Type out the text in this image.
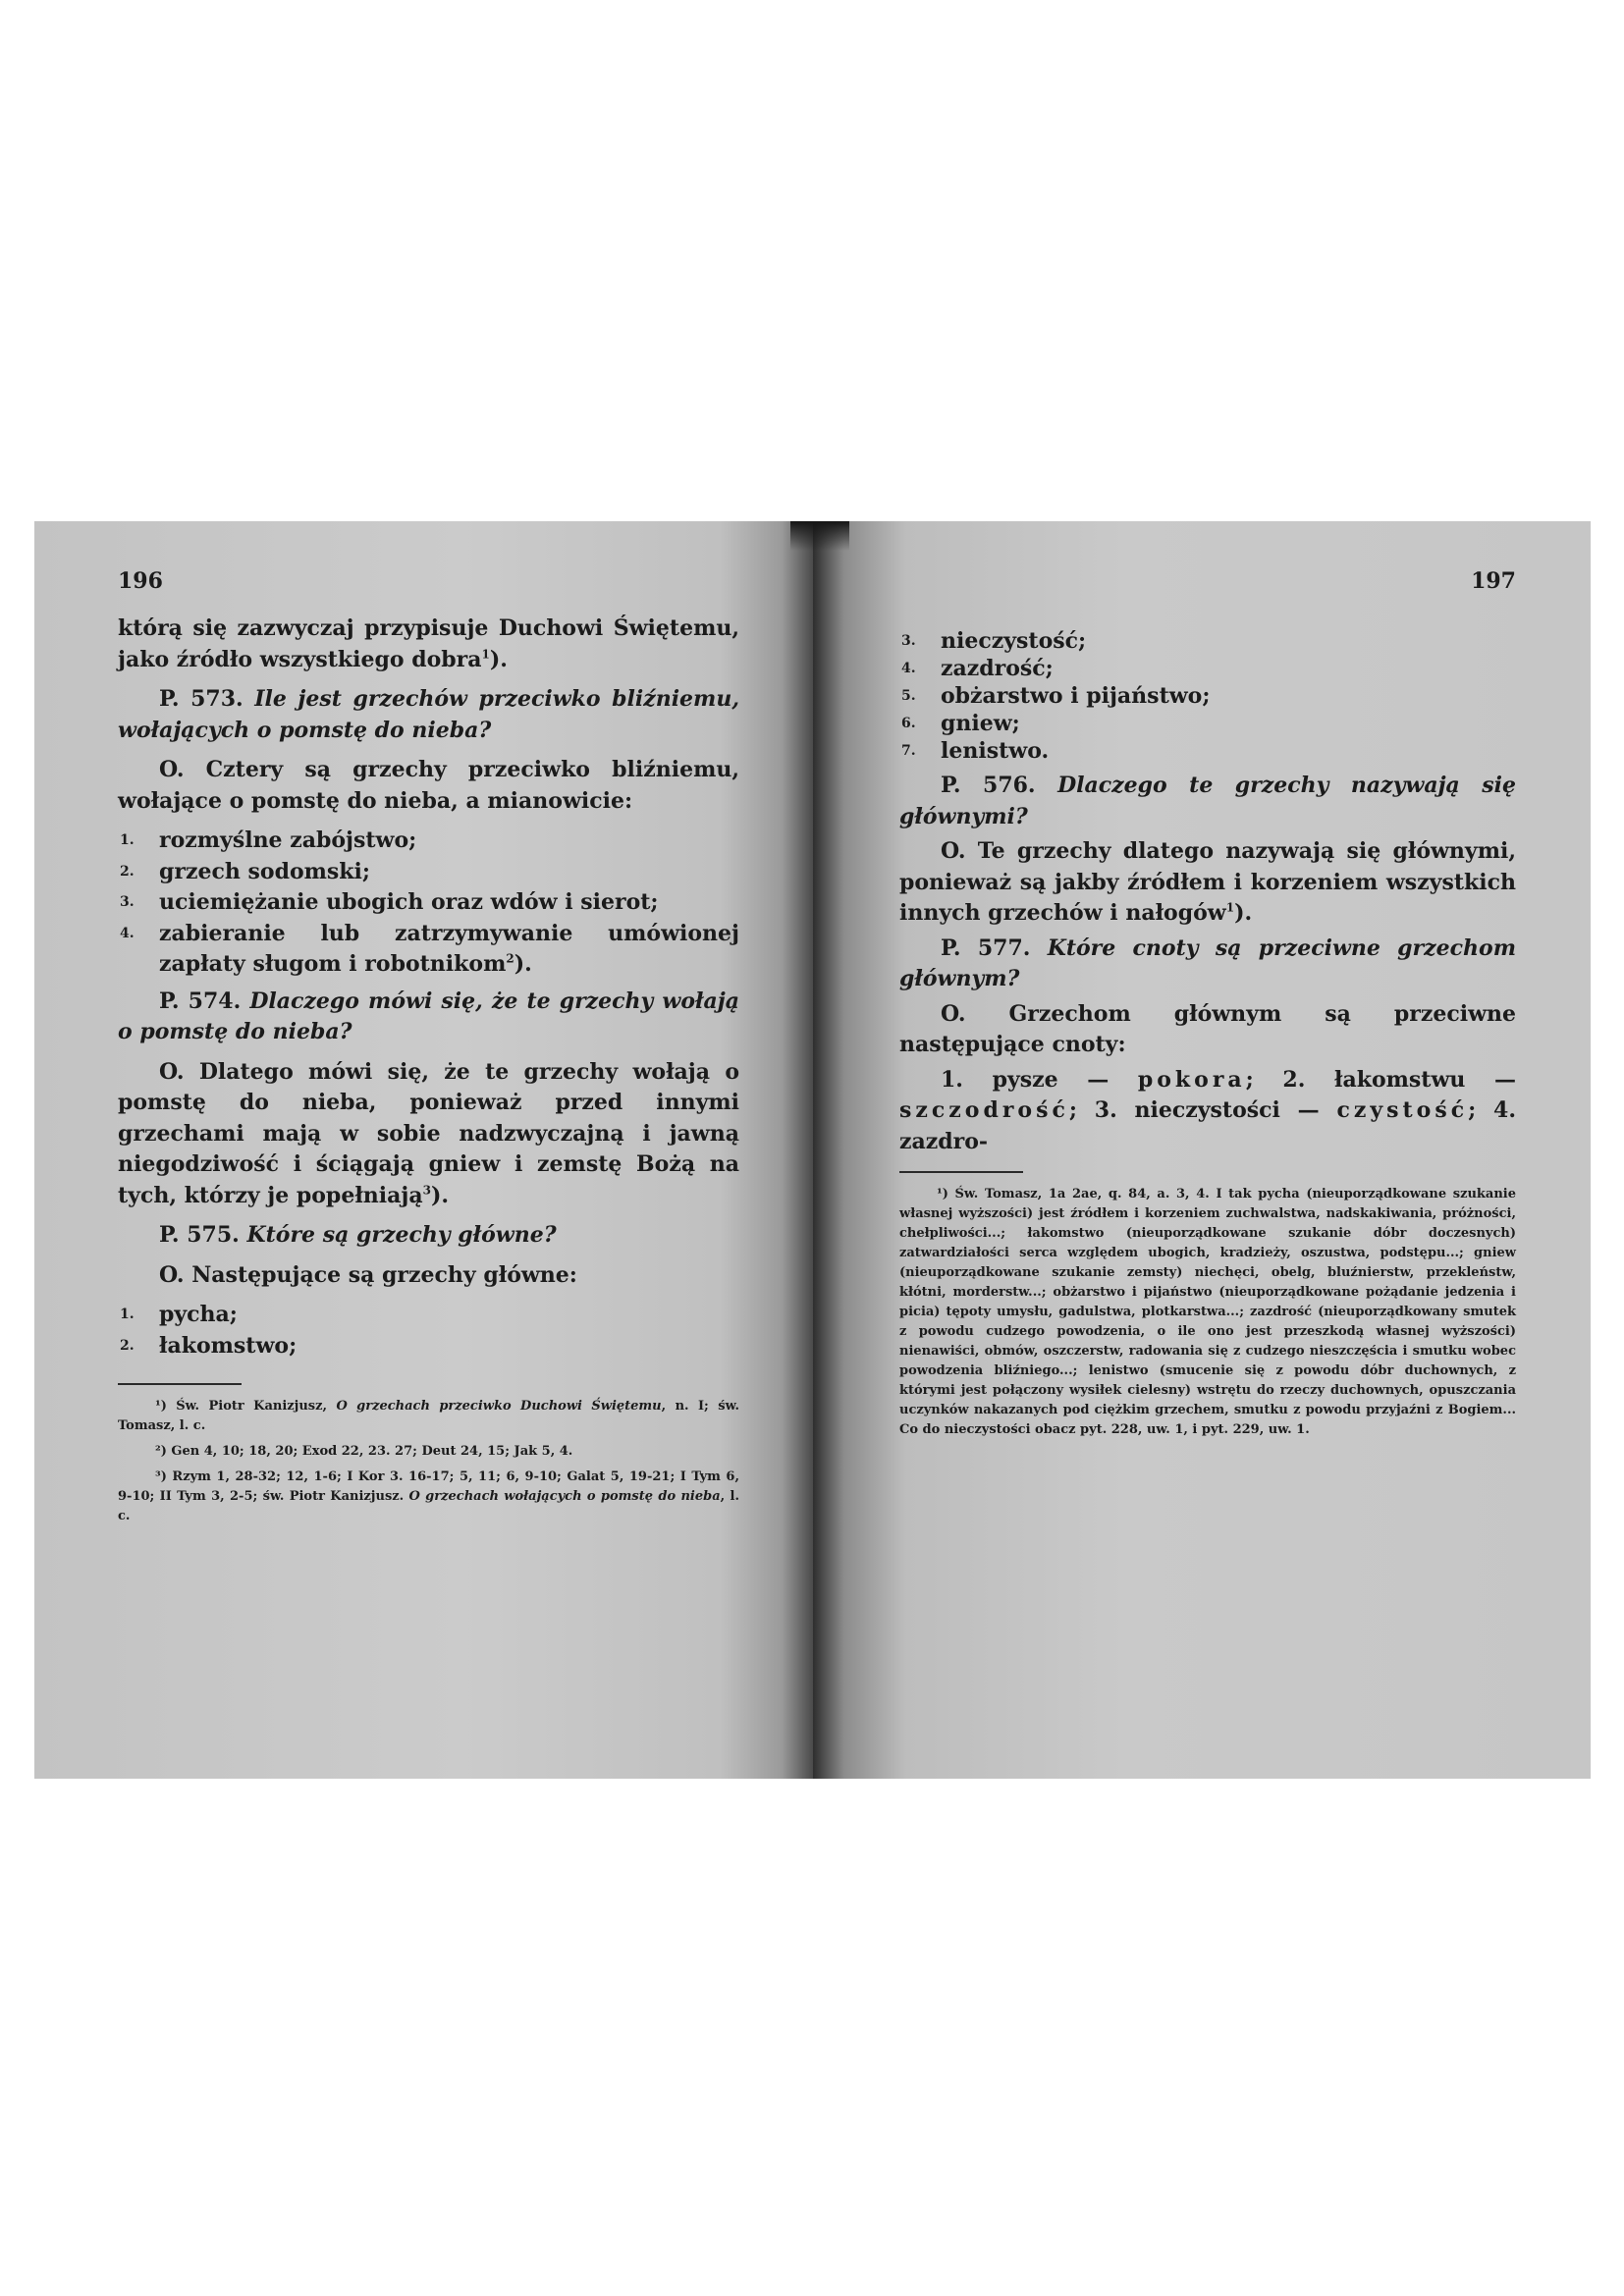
196

którą się zazwyczaj przypisuje Duchowi Świętemu, jako źródło wszystkiego dobra$^1$).

P. 573. Ile jest grzechów przeciwko bliźniemu, wołających o pomstę do nieba?

O. Cztery są grzechy przeciwko bliźniemu, wołające o pomstę do nieba, a mianowicie:

1.	rozmyślne zabójstwo;
2.	grzech sodomski;
3.	uciemiężanie ubogich oraz wdów i sierot;
4.	zabieranie lub zatrzymywanie umówionej zapłaty sługom i robotnikom$^2$).

P. 574. Dlaczego mówi się, że te grzechy wołają o pomstę do nieba?

O. Dlatego mówi się, że te grzechy wołają o pomstę do nieba, ponieważ przed innymi grzechami mają w sobie nadzwyczajną i jawną niegodziwość i ściągają gniew i zemstę Bożą na tych, którzy je popełniają$^3$).

P. 575. Które są grzechy główne?

O. Następujące są grzechy główne:

1.	pycha;
2.	łakomstwo;

¹) Św. Piotr Kanizjusz, O grzechach przeciwko Duchowi Świętemu, n. I; św. Tomasz, l. c.

²) Gen 4, 10; 18, 20; Exod 22, 23. 27; Deut 24, 15; Jak 5, 4.

³) Rzym 1, 28-32; 12, 1-6; I Kor 3. 16-17; 5, 11; 6, 9-10; Galat 5, 19-21; I Tym 6, 9-10; II Tym 3, 2-5; św. Piotr Kanizjusz. O grzechach wołających o pomstę do nieba, l. c.

197
3.	nieczystość;
4.	zazdrość;
5.	obżarstwo i pijaństwo;
6.	gniew;
7.	lenistwo.

P. 576. Dlaczego te grzechy nazywają się głównymi?

O. Te grzechy dlatego nazywają się głównymi, ponieważ są jakby źródłem i korzeniem wszystkich innych grzechów i nałogów$^1$).

P. 577. Które cnoty są przeciwne grzechom głównym?

O. Grzechom głównym są przeciwne następujące cnoty:

1. pysze — pokora; 2. łakomstwu — szczodrość; 3. nieczystości — czystość; 4. zazdro-

¹) Św. Tomasz, 1a 2ae, q. 84, a. 3, 4. I tak pycha (nieuporządkowane szukanie własnej wyższości) jest źródłem i korzeniem zuchwalstwa, nadskakiwania, próżności, chełpliwości...; łakomstwo (nieuporządkowane szukanie dóbr doczesnych) zatwardziałości serca względem ubogich, kradzieży, oszustwa, podstępu...; gniew (nieuporządkowane szukanie zemsty) niechęci, obelg, bluźnierstw, przekleństw, kłótni, morderstw...; obżarstwo i pijaństwo (nieuporządkowane pożądanie jedzenia i picia) tępoty umysłu, gadulstwa, plotkarstwa...; zazdrość (nieuporządkowany smutek z powodu cudzego powodzenia, o ile ono jest przeszkodą własnej wyższości) nienawiści, obmów, oszczerstw, radowania się z cudzego nieszczęścia i smutku wobec powodzenia bliźniego...; lenistwo (smucenie się z powodu dóbr duchownych, z którymi jest połączony wysiłek cielesny) wstrętu do rzeczy duchownych, opuszczania uczynków nakazanych pod ciężkim grzechem, smutku z powodu przyjaźni z Bogiem... Co do nieczystości obacz pyt. 228, uw. 1, i pyt. 229, uw. 1.
